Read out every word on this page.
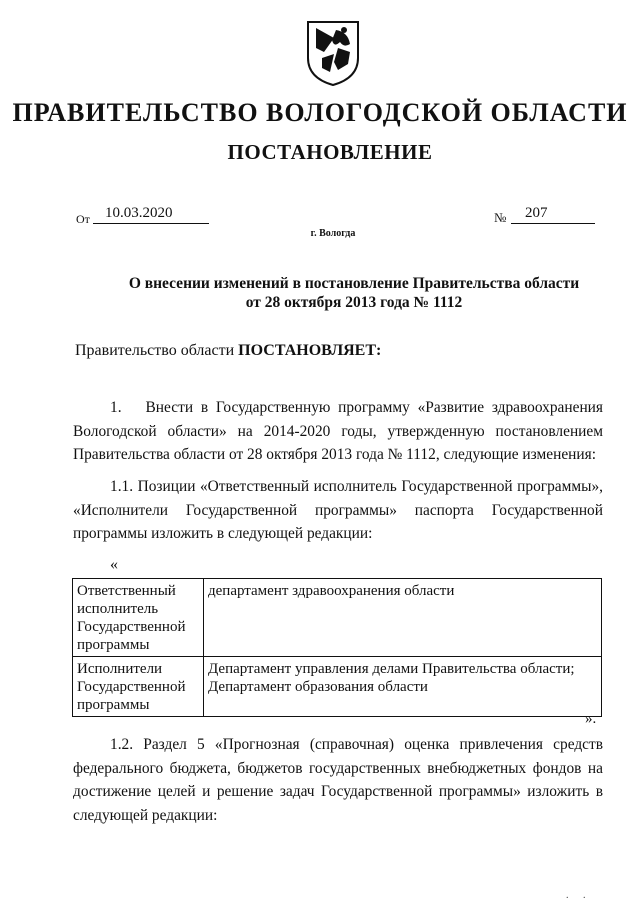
ПРАВИТЕЛЬСТВО ВОЛОГОДСКОЙ ОБЛАСТИ
ПОСТАНОВЛЕНИЕ
От	10.03.2020	№	207
г. Вологда
О внесении изменений в постановление Правительства области
от 28 октября 2013 года № 1112
Правительство области ПОСТАНОВЛЯЕТ:
1. Внести в Государственную программу «Развитие здравоохранения Вологодской области» на 2014-2020 годы, утвержденную постановлением Правительства области от 28 октября 2013 года № 1112, следующие изменения:
1.1. Позиции «Ответственный исполнитель Государственной программы», «Исполнители Государственной программы» паспорта Государственной программы изложить в следующей редакции:
«
Ответственный
исполнитель
Государственной
программы	департамент здравоохранения области

Исполнители
Государственной
программы	Департамент управления делами Правительства области;
Департамент образования области
».
1.2. Раздел 5 «Прогнозная (справочная) оценка привлечения средств федерального бюджета, бюджетов государственных внебюджетных фондов на достижение целей и решение задач Государственной программы» изложить в следующей редакции:
. .
